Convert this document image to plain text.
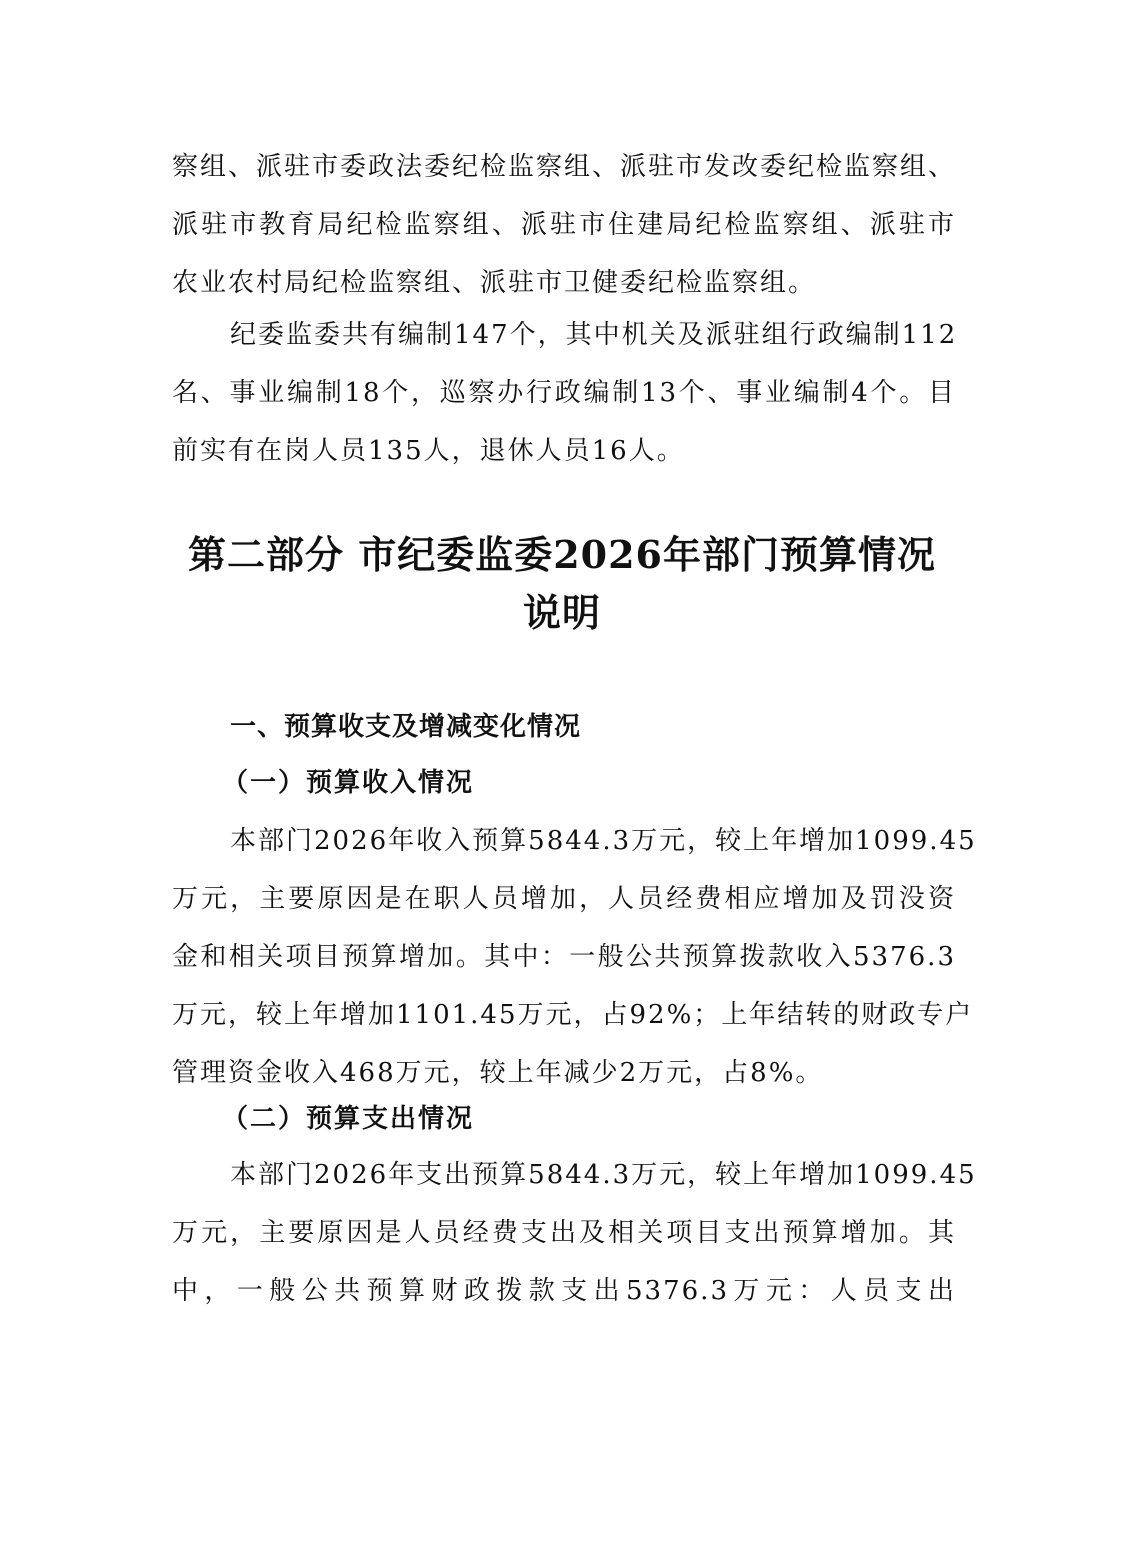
察组、派驻市委政法委纪检监察组、派驻市发改委纪检监察组、
派驻市教育局纪检监察组、派驻市住建局纪检监察组、派驻市
农业农村局纪检监察组、派驻市卫健委纪检监察组。
纪委监委共有编制147个，其中机关及派驻组行政编制112
名、事业编制18个，巡察办行政编制13个、事业编制4个。目
前实有在岗人员135人，退休人员16人。
第二部分 市纪委监委2026年部门预算情况
说明
一、预算收支及增减变化情况
（一）预算收入情况
本部门2026年收入预算5844.3万元，较上年增加1099.45
万元，主要原因是在职人员增加，人员经费相应增加及罚没资
金和相关项目预算增加。其中：一般公共预算拨款收入5376.3
万元，较上年增加1101.45万元，占92%；上年结转的财政专户
管理资金收入468万元，较上年减少2万元，占8%。
（二）预算支出情况
本部门2026年支出预算5844.3万元，较上年增加1099.45
万元，主要原因是人员经费支出及相关项目支出预算增加。其
中，一般公共预算财政拨款支出5376.3万元：人员支出
